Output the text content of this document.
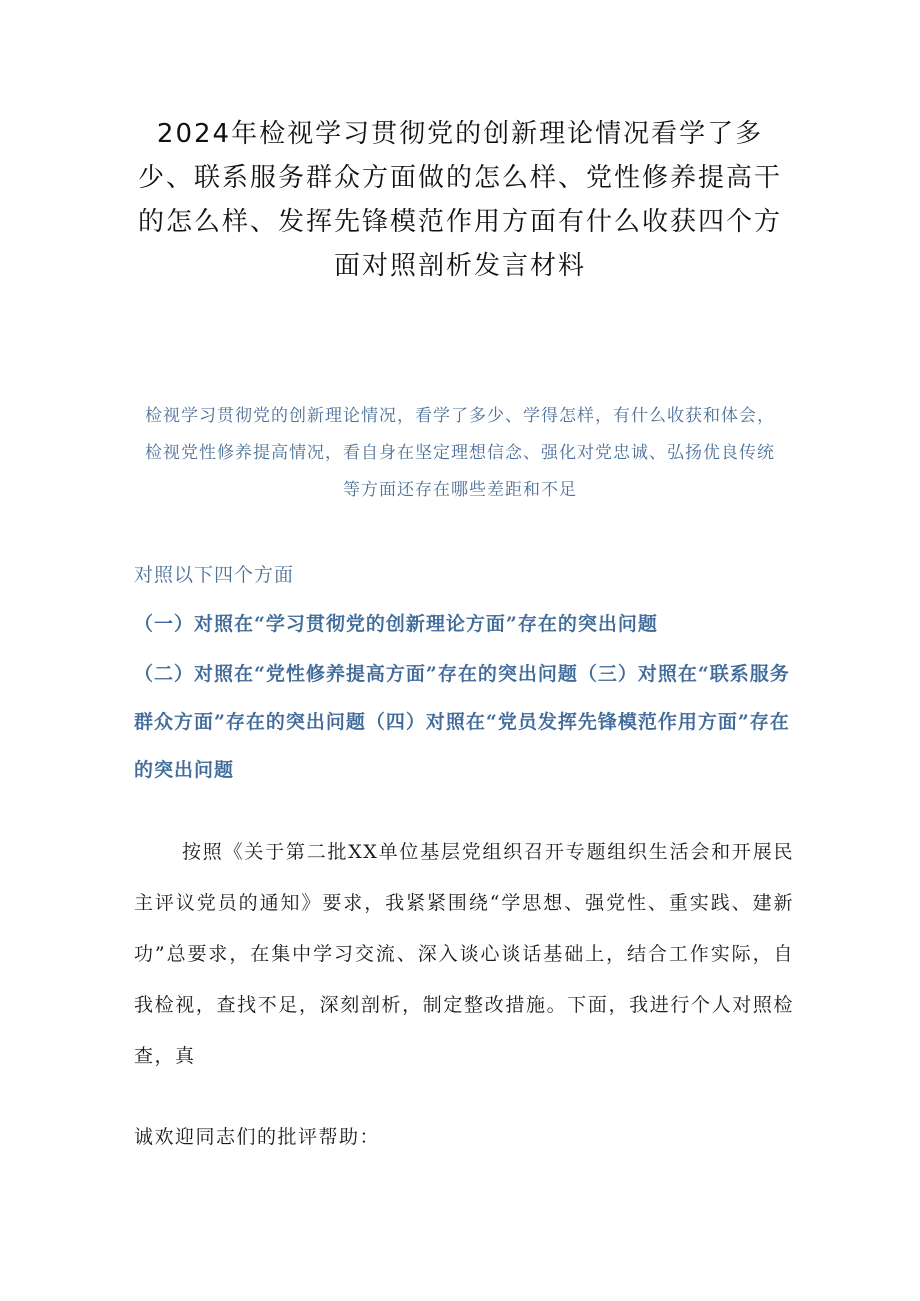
2024年检视学习贯彻党的创新理论情况看学了多少、联系服务群众方面做的怎么样、党性修养提高干的怎么样、发挥先锋模范作用方面有什么收获四个方面对照剖析发言材料

检视学习贯彻党的创新理论情况，看学了多少、学得怎样，有什么收获和体会，检视党性修养提高情况，看自身在坚定理想信念、强化对党忠诚、弘扬优良传统等方面还存在哪些差距和不足

对照以下四个方面

（一）对照在“学习贯彻党的创新理论方面”存在的突出问题

（二）对照在“党性修养提高方面”存在的突出问题（三）对照在“联系服务群众方面”存在的突出问题（四）对照在“党员发挥先锋模范作用方面”存在的突出问题

按照《关于第二批XX单位基层党组织召开专题组织生活会和开展民主评议党员的通知》要求，我紧紧围绕“学思想、强党性、重实践、建新功”总要求，在集中学习交流、深入谈心谈话基础上，结合工作实际，自我检视，查找不足，深刻剖析，制定整改措施。下面，我进行个人对照检查，真

诚欢迎同志们的批评帮助：
